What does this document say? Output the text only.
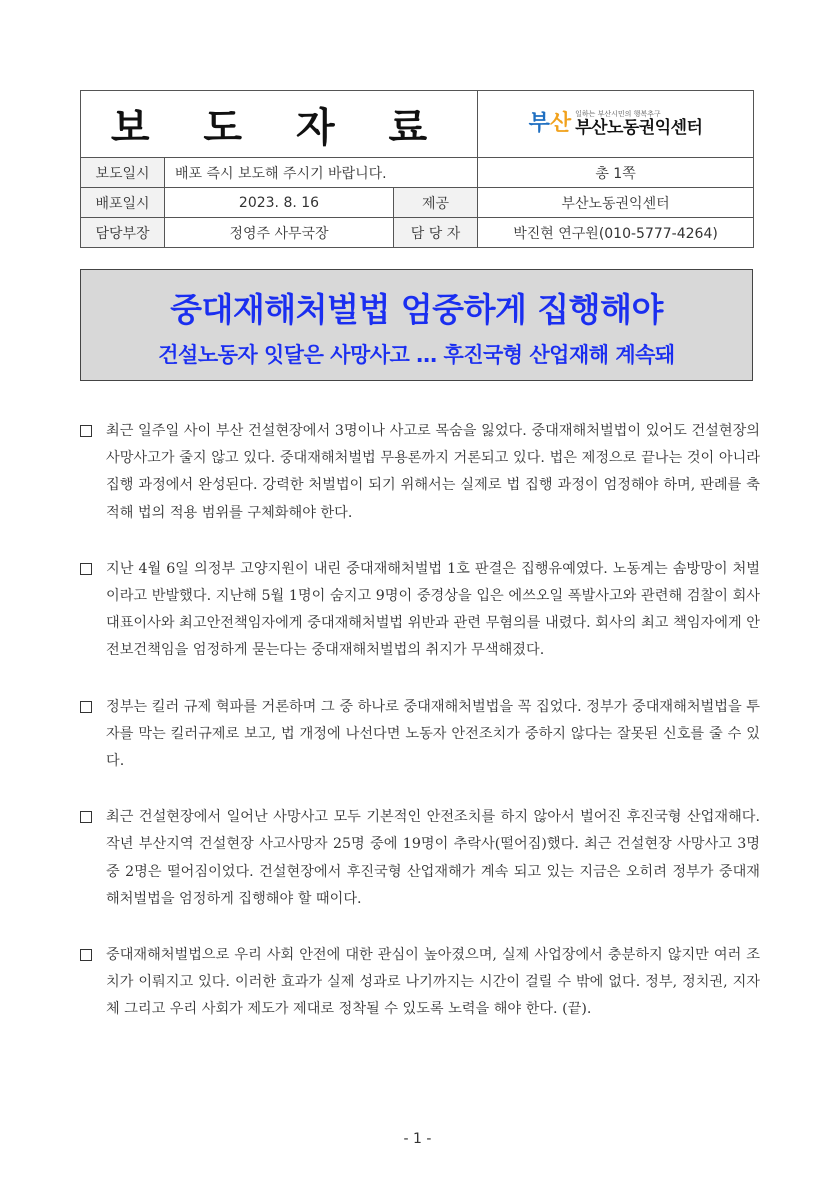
보 도 자 료			부산 일하는 부산시민의 행복추구
부산노동권익센터

보도일시	배포 즉시 보도해 주시기 바랍니다.		총 1쪽
배포일시	2023. 8. 16	제공	부산노동권익센터
담당부장	정영주 사무국장	담 당 자	박진현 연구원(010-5777-4264)
중대재해처벌법 엄중하게 집행해야
건설노동자 잇달은 사망사고 … 후진국형 산업재해 계속돼
최근 일주일 사이 부산 건설현장에서 3명이나 사고로 목숨을 잃었다. 중대재해처벌법이 있어도 건설현장의 사망사고가 줄지 않고 있다. 중대재해처벌법 무용론까지 거론되고 있다. 법은 제정으로 끝나는 것이 아니라 집행 과정에서 완성된다. 강력한 처벌법이 되기 위해서는 실제로 법 집행 과정이 엄정해야 하며, 판례를 축적해 법의 적용 범위를 구체화해야 한다.
지난 4월 6일 의정부 고양지원이 내린 중대재해처벌법 1호 판결은 집행유예였다. 노동계는 솜방망이 처벌이라고 반발했다. 지난해 5월 1명이 숨지고 9명이 중경상을 입은 에쓰오일 폭발사고와 관련해 검찰이 회사대표이사와 최고안전책임자에게 중대재해처벌법 위반과 관련 무혐의를 내렸다. 회사의 최고 책임자에게 안전보건책임을 엄정하게 묻는다는 중대재해처벌법의 취지가 무색해졌다.
정부는 킬러 규제 혁파를 거론하며 그 중 하나로 중대재해처벌법을 꼭 집었다. 정부가 중대재해처벌법을 투자를 막는 킬러규제로 보고, 법 개정에 나선다면 노동자 안전조치가 중하지 않다는 잘못된 신호를 줄 수 있다.
최근 건설현장에서 일어난 사망사고 모두 기본적인 안전조치를 하지 않아서 벌어진 후진국형 산업재해다. 작년 부산지역 건설현장 사고사망자 25명 중에 19명이 추락사(떨어짐)했다. 최근 건설현장 사망사고 3명 중 2명은 떨어짐이었다. 건설현장에서 후진국형 산업재해가 계속 되고 있는 지금은 오히려 정부가 중대재해처벌법을 엄정하게 집행해야 할 때이다.
중대재해처벌법으로 우리 사회 안전에 대한 관심이 높아졌으며, 실제 사업장에서 충분하지 않지만 여러 조치가 이뤄지고 있다. 이러한 효과가 실제 성과로 나기까지는 시간이 걸릴 수 밖에 없다. 정부, 정치권, 지자체 그리고 우리 사회가 제도가 제대로 정착될 수 있도록 노력을 해야 한다. (끝).
- 1 -
